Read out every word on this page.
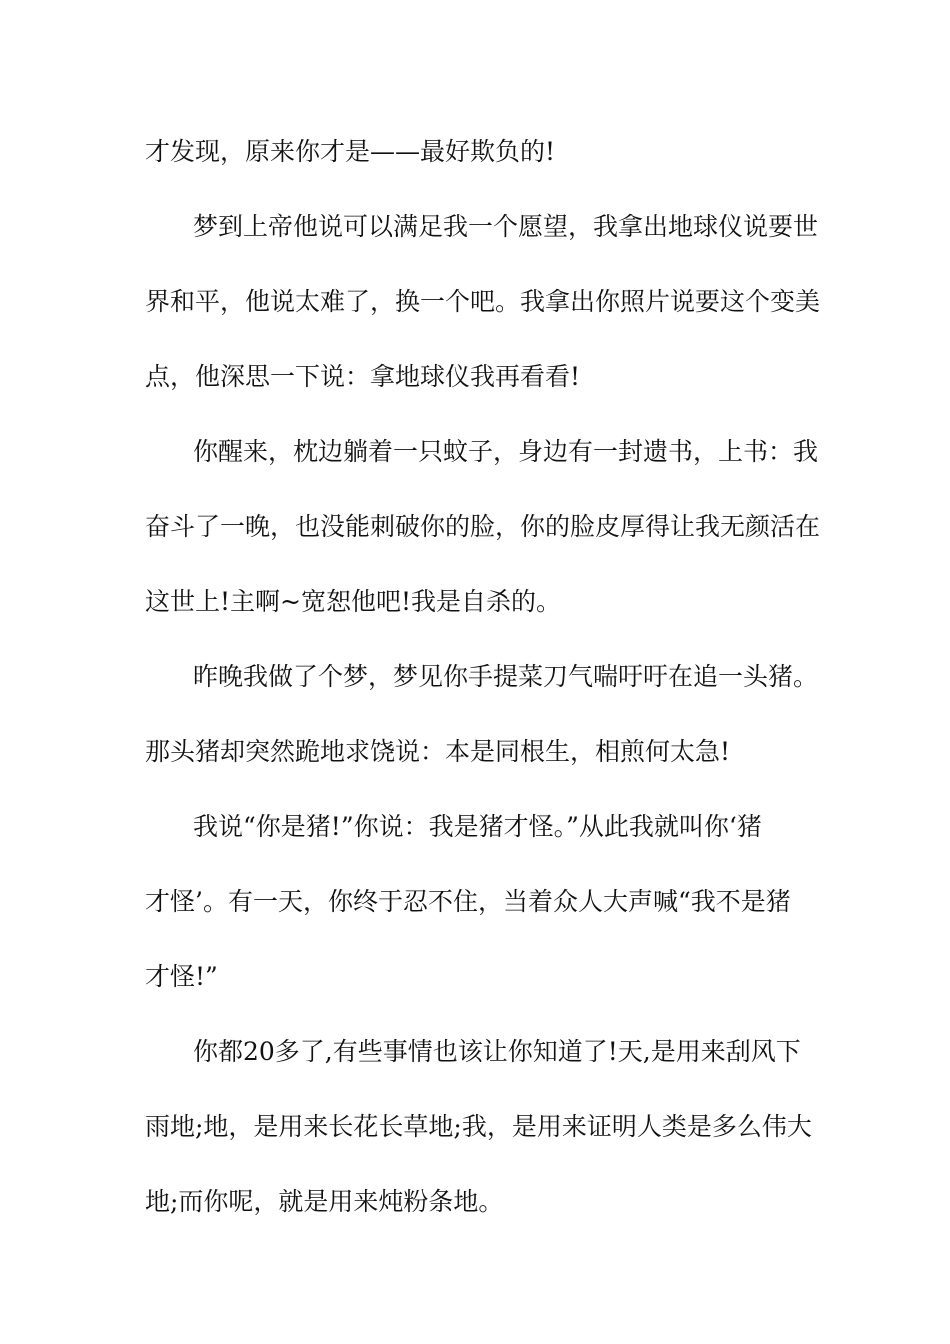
才发现，原来你才是——最好欺负的!
梦到上帝他说可以满足我一个愿望，我拿出地球仪说要世
界和平，他说太难了，换一个吧。我拿出你照片说要这个变美
点，他深思一下说：拿地球仪我再看看!
你醒来，枕边躺着一只蚊子，身边有一封遗书，上书：我
奋斗了一晚，也没能刺破你的脸，你的脸皮厚得让我无颜活在
这世上!主啊~宽恕他吧!我是自杀的。
昨晚我做了个梦，梦见你手提菜刀气喘吁吁在追一头猪。
那头猪却突然跪地求饶说：本是同根生，相煎何太急!
我说“你是猪!”你说：我是猪才怪。”从此我就叫你‘猪
才怪’。有一天，你终于忍不住，当着众人大声喊“我不是猪
才怪!”
你都20多了,有些事情也该让你知道了!天,是用来刮风下
雨地;地，是用来长花长草地;我，是用来证明人类是多么伟大
地;而你呢，就是用来炖粉条地。
